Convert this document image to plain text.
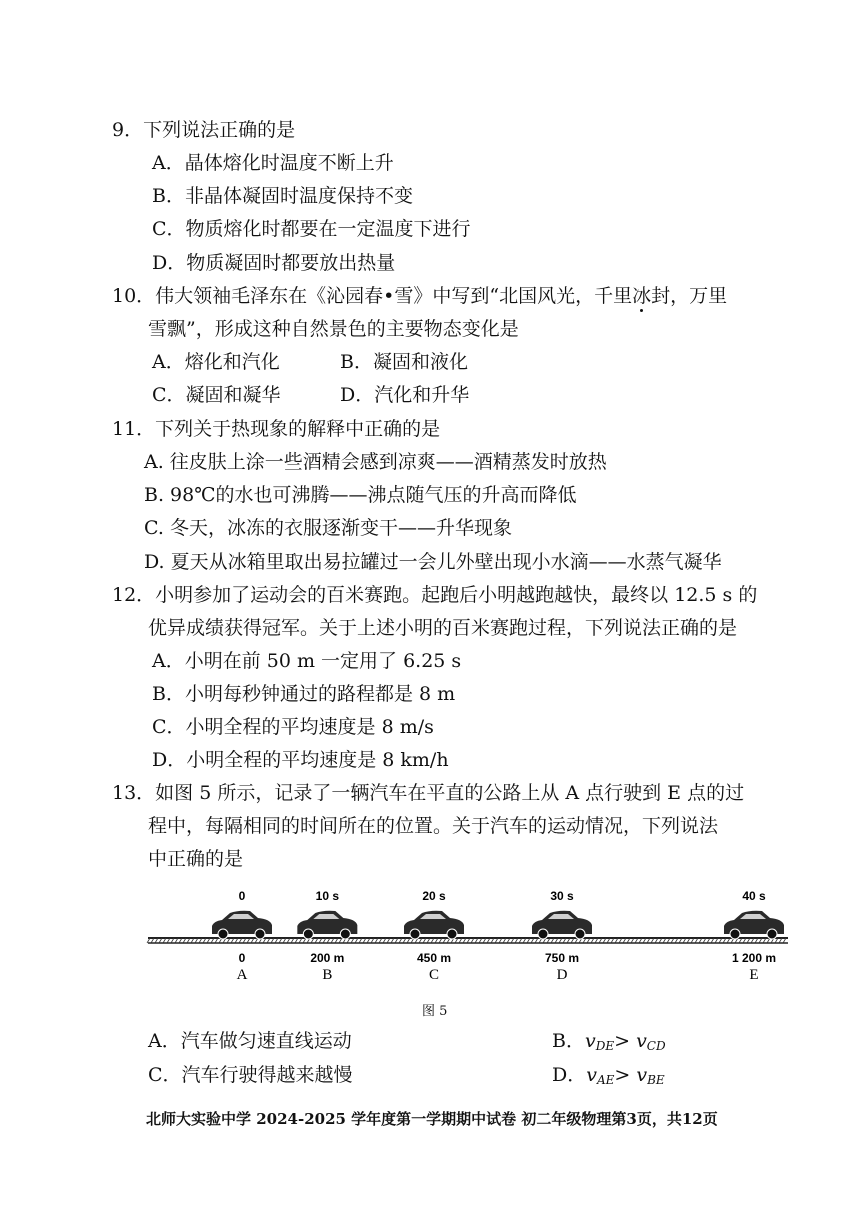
9．下列说法正确的是
A．晶体熔化时温度不断上升
B．非晶体凝固时温度保持不变
C．物质熔化时都要在一定温度下进行
D．物质凝固时都要放出热量
10．伟大领袖毛泽东在《沁园春•雪》中写到“北国风光，千里冰封，万里
雪飘”，形成这种自然景色的主要物态变化是
A．熔化和汽化	B．凝固和液化
C．凝固和凝华	D．汽化和升华
11．下列关于热现象的解释中正确的是
A. 往皮肤上涂一些酒精会感到凉爽——酒精蒸发时放热
B. 98℃的水也可沸腾——沸点随气压的升高而降低
C. 冬天，冰冻的衣服逐渐变干——升华现象
D. 夏天从冰箱里取出易拉罐过一会儿外壁出现小水滴——水蒸气凝华
12．小明参加了运动会的百米赛跑。起跑后小明越跑越快，最终以 12.5 s 的
优异成绩获得冠军。关于上述小明的百米赛跑过程，下列说法正确的是
A．小明在前 50 m 一定用了 6.25 s
B．小明每秒钟通过的路程都是 8 m
C．小明全程的平均速度是 8 m/s
D．小明全程的平均速度是 8 km/h
13．如图 5 所示，记录了一辆汽车在平直的公路上从 A 点行驶到 E 点的过
程中，每隔相同的时间所在的位置。关于汽车的运动情况，下列说法
中正确的是
0
0
A
10 s
200 m
B
20 s
450 m
C
30 s
750 m
D
40 s
1 200 m
E
图 5
A．汽车做匀速直线运动	B．$v_{DE}> v_{CD}$
C．汽车行驶得越来越慢	D．$v_{AE}> v_{BE}$
北师大实验中学 2024-2025 学年度第一学期期中试卷 初二年级物理第3页，共12页
